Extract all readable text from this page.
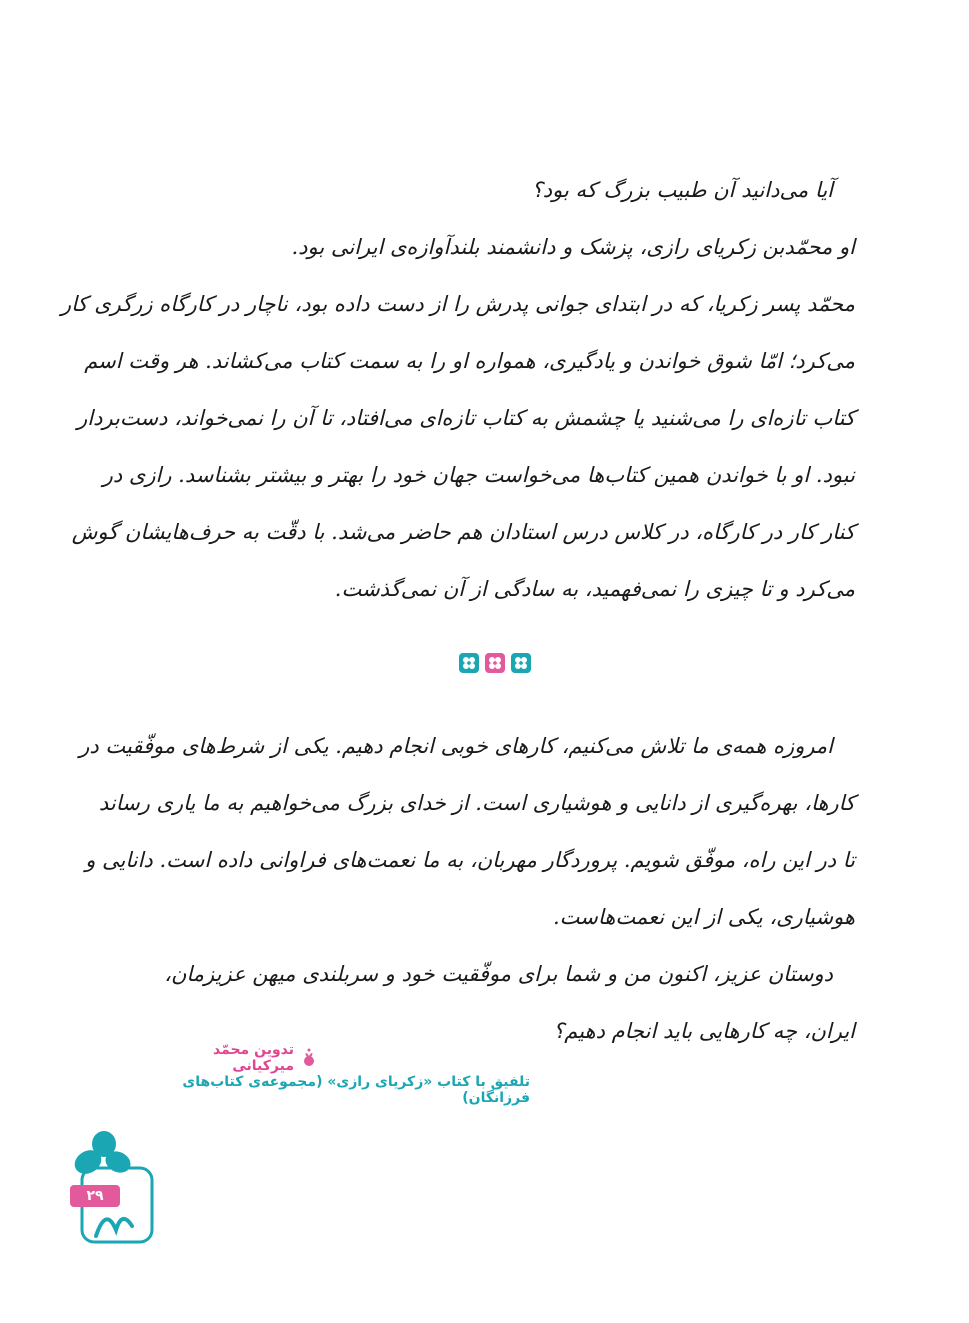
آیا می‌دانید آن طبیب بزرگ که بود؟
او محمّدبن زکریای رازی، پزشک و دانشمند بلندآوازه‌ی ایرانی بود.
محمّد پسر زکریا، که در ابتدای جوانی پدرش را از دست داده بود، ناچار در کارگاه زرگری کار
می‌کرد؛ امّا شوق خواندن و یادگیری، همواره او را به سمت کتاب می‌کشاند. هر وقت اسم
کتاب تازه‌ای را می‌شنید یا چشمش به کتاب تازه‌ای می‌افتاد، تا آن را نمی‌خواند، دست‌بردار
نبود. او با خواندن همین کتاب‌ها می‌خواست جهان خود را بهتر و بیشتر بشناسد. رازی در
کنار کار در کارگاه، در کلاس درس استادان هم حاضر می‌شد. با دقّت به حرف‌هایشان گوش
می‌کرد و تا چیزی را نمی‌فهمید، به سادگی از آن نمی‌گذشت.
امروزه همه‌ی ما تلاش می‌کنیم، کارهای خوبی انجام دهیم. یکی از شرط‌های موفّقیت در
کارها، بهره‌گیری از دانایی و هوشیاری است. از خدای بزرگ می‌خواهیم به ما یاری رساند
تا در این راه، موفّق شویم. پروردگار مهربان، به ما نعمت‌های فراوانی داده است. دانایی و
هوشیاری، یکی از این نعمت‌هاست.
دوستان عزیز، اکنون من و شما برای موفّقیت خود و سربلندی میهن عزیزمان،
ایران، چه کارهایی باید انجام دهیم؟
تدوین محمّد میرکیانی
تلفیق با کتاب «زکریای رازی» (مجموعه‌ی کتاب‌های فرزانگان)
۲۹
